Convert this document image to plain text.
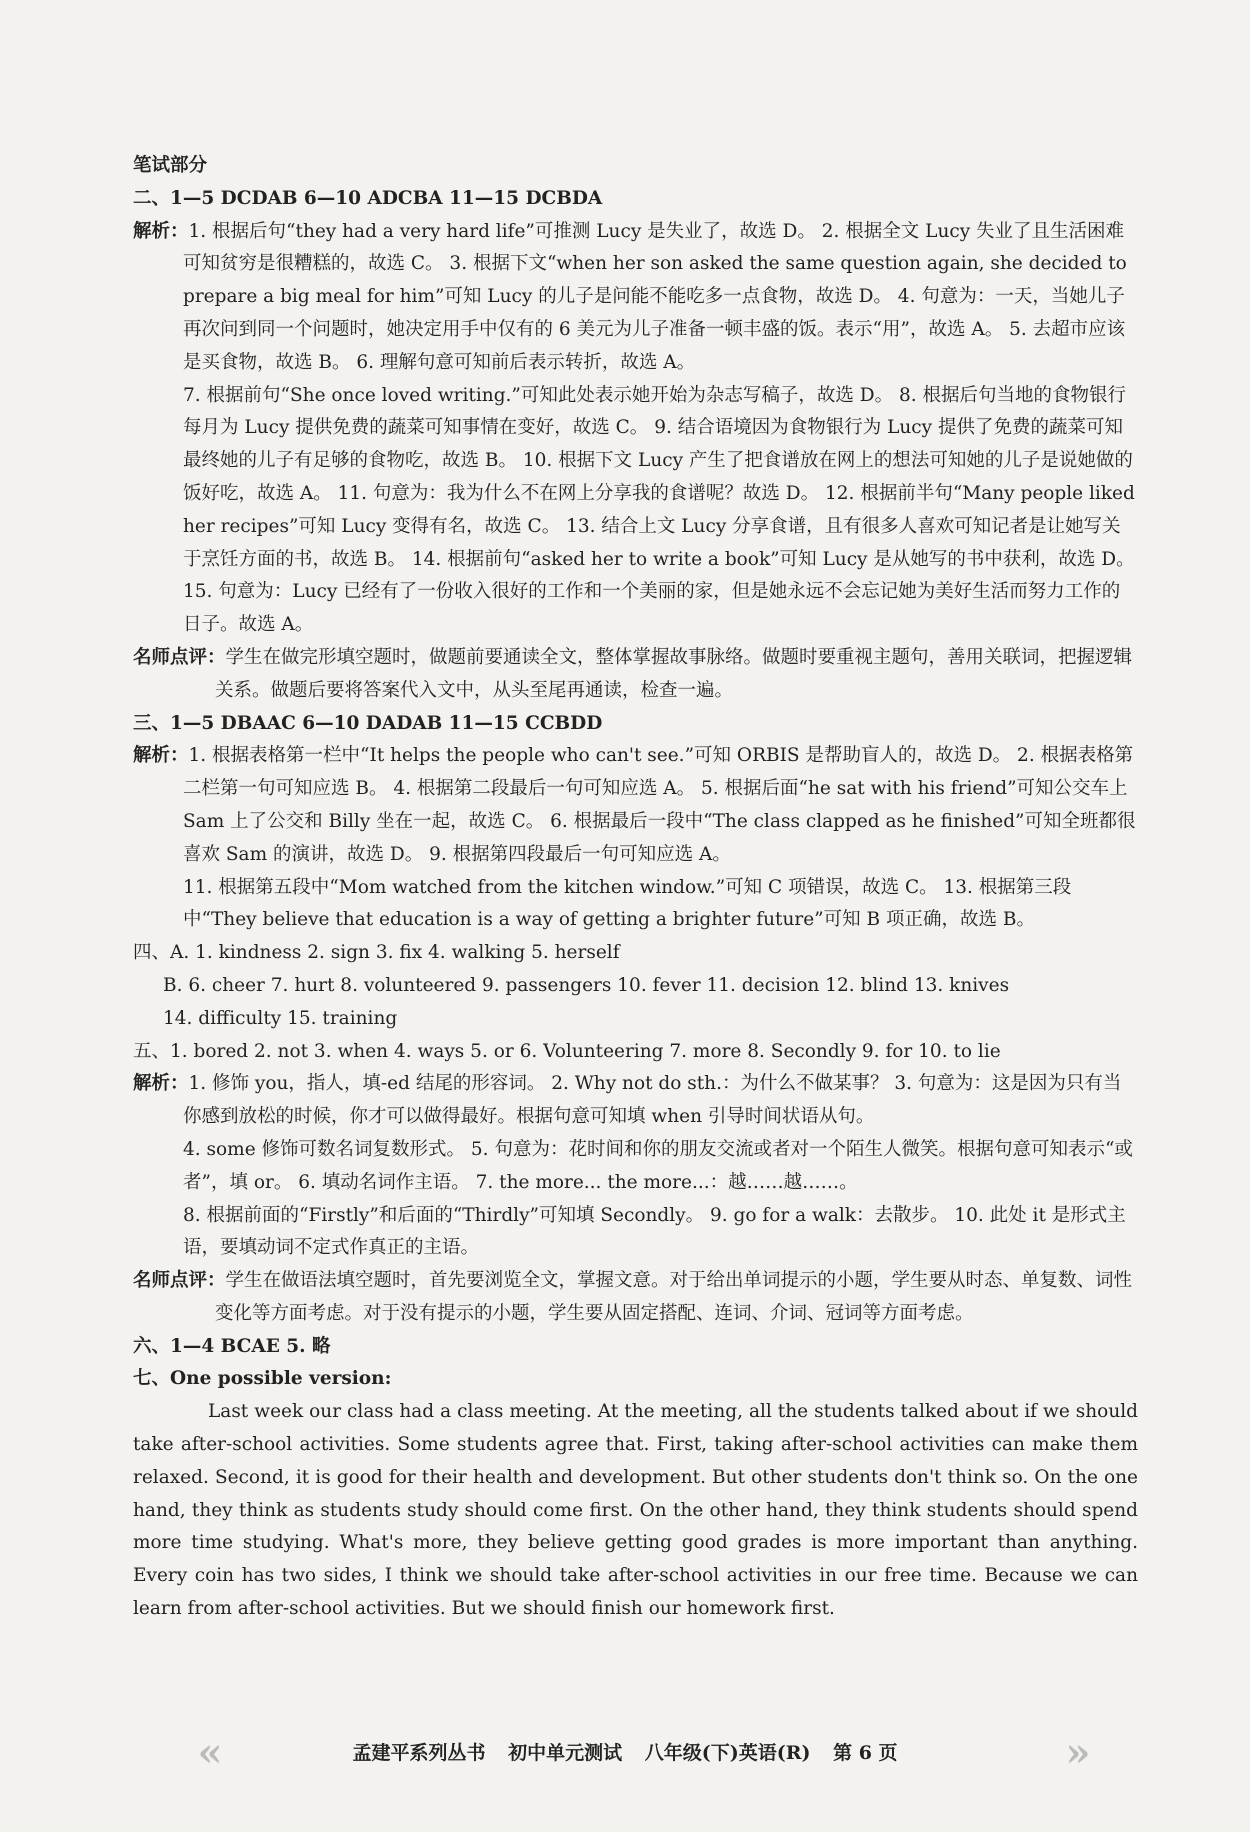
笔试部分

二、1—5 DCDAB 6—10 ADCBA 11—15 DCBDA

解析：1. 根据后句“they had a very hard life”可推测 Lucy 是失业了，故选 D。 2. 根据全文 Lucy 失业了且生活困难可知贫穷是很糟糕的，故选 C。 3. 根据下文“when her son asked the same question again, she decided to prepare a big meal for him”可知 Lucy 的儿子是问能不能吃多一点食物，故选 D。 4. 句意为：一天，当她儿子再次问到同一个问题时，她决定用手中仅有的 6 美元为儿子准备一顿丰盛的饭。表示“用”，故选 A。 5. 去超市应该是买食物，故选 B。 6. 理解句意可知前后表示转折，故选 A。

7. 根据前句“She once loved writing.”可知此处表示她开始为杂志写稿子，故选 D。 8. 根据后句当地的食物银行每月为 Lucy 提供免费的蔬菜可知事情在变好，故选 C。 9. 结合语境因为食物银行为 Lucy 提供了免费的蔬菜可知最终她的儿子有足够的食物吃，故选 B。 10. 根据下文 Lucy 产生了把食谱放在网上的想法可知她的儿子是说她做的饭好吃，故选 A。 11. 句意为：我为什么不在网上分享我的食谱呢？故选 D。 12. 根据前半句“Many people liked her recipes”可知 Lucy 变得有名，故选 C。 13. 结合上文 Lucy 分享食谱，且有很多人喜欢可知记者是让她写关于烹饪方面的书，故选 B。 14. 根据前句“asked her to write a book”可知 Lucy 是从她写的书中获利，故选 D。 15. 句意为：Lucy 已经有了一份收入很好的工作和一个美丽的家，但是她永远不会忘记她为美好生活而努力工作的日子。故选 A。

名师点评：学生在做完形填空题时，做题前要通读全文，整体掌握故事脉络。做题时要重视主题句，善用关联词，把握逻辑关系。做题后要将答案代入文中，从头至尾再通读，检查一遍。

三、1—5 DBAAC 6—10 DADAB 11—15 CCBDD

解析：1. 根据表格第一栏中“It helps the people who can't see.”可知 ORBIS 是帮助盲人的，故选 D。 2. 根据表格第二栏第一句可知应选 B。 4. 根据第二段最后一句可知应选 A。 5. 根据后面“he sat with his friend”可知公交车上 Sam 上了公交和 Billy 坐在一起，故选 C。 6. 根据最后一段中“The class clapped as he finished”可知全班都很喜欢 Sam 的演讲，故选 D。 9. 根据第四段最后一句可知应选 A。

11. 根据第五段中“Mom watched from the kitchen window.”可知 C 项错误，故选 C。 13. 根据第三段中“They believe that education is a way of getting a brighter future”可知 B 项正确，故选 B。

四、A. 1. kindness 2. sign 3. fix 4. walking 5. herself

B. 6. cheer 7. hurt 8. volunteered 9. passengers 10. fever 11. decision 12. blind 13. knives

14. difficulty 15. training

五、1. bored 2. not 3. when 4. ways 5. or 6. Volunteering 7. more 8. Secondly 9. for 10. to lie

解析：1. 修饰 you，指人，填-ed 结尾的形容词。 2. Why not do sth.：为什么不做某事？ 3. 句意为：这是因为只有当你感到放松的时候，你才可以做得最好。根据句意可知填 when 引导时间状语从句。

4. some 修饰可数名词复数形式。 5. 句意为：花时间和你的朋友交流或者对一个陌生人微笑。根据句意可知表示“或者”，填 or。 6. 填动名词作主语。 7. the more... the more...：越……越……。

8. 根据前面的“Firstly”和后面的“Thirdly”可知填 Secondly。 9. go for a walk：去散步。 10. 此处 it 是形式主语，要填动词不定式作真正的主语。

名师点评：学生在做语法填空题时，首先要浏览全文，掌握文意。对于给出单词提示的小题，学生要从时态、单复数、词性变化等方面考虑。对于没有提示的小题，学生要从固定搭配、连词、介词、冠词等方面考虑。

六、1—4 BCAE 5. 略

七、One possible version:

Last week our class had a class meeting. At the meeting, all the students talked about if we should take after-school activities. Some students agree that. First, taking after-school activities can make them relaxed. Second, it is good for their health and development. But other students don't think so. On the one hand, they think as students study should come first. On the other hand, they think students should spend more time studying. What's more, they believe getting good grades is more important than anything. Every coin has two sides, I think we should take after-school activities in our free time. Because we can learn from after-school activities. But we should finish our homework first.

«	孟建平系列丛书 初中单元测试 八年级(下)英语(R) 第 6 页	»
